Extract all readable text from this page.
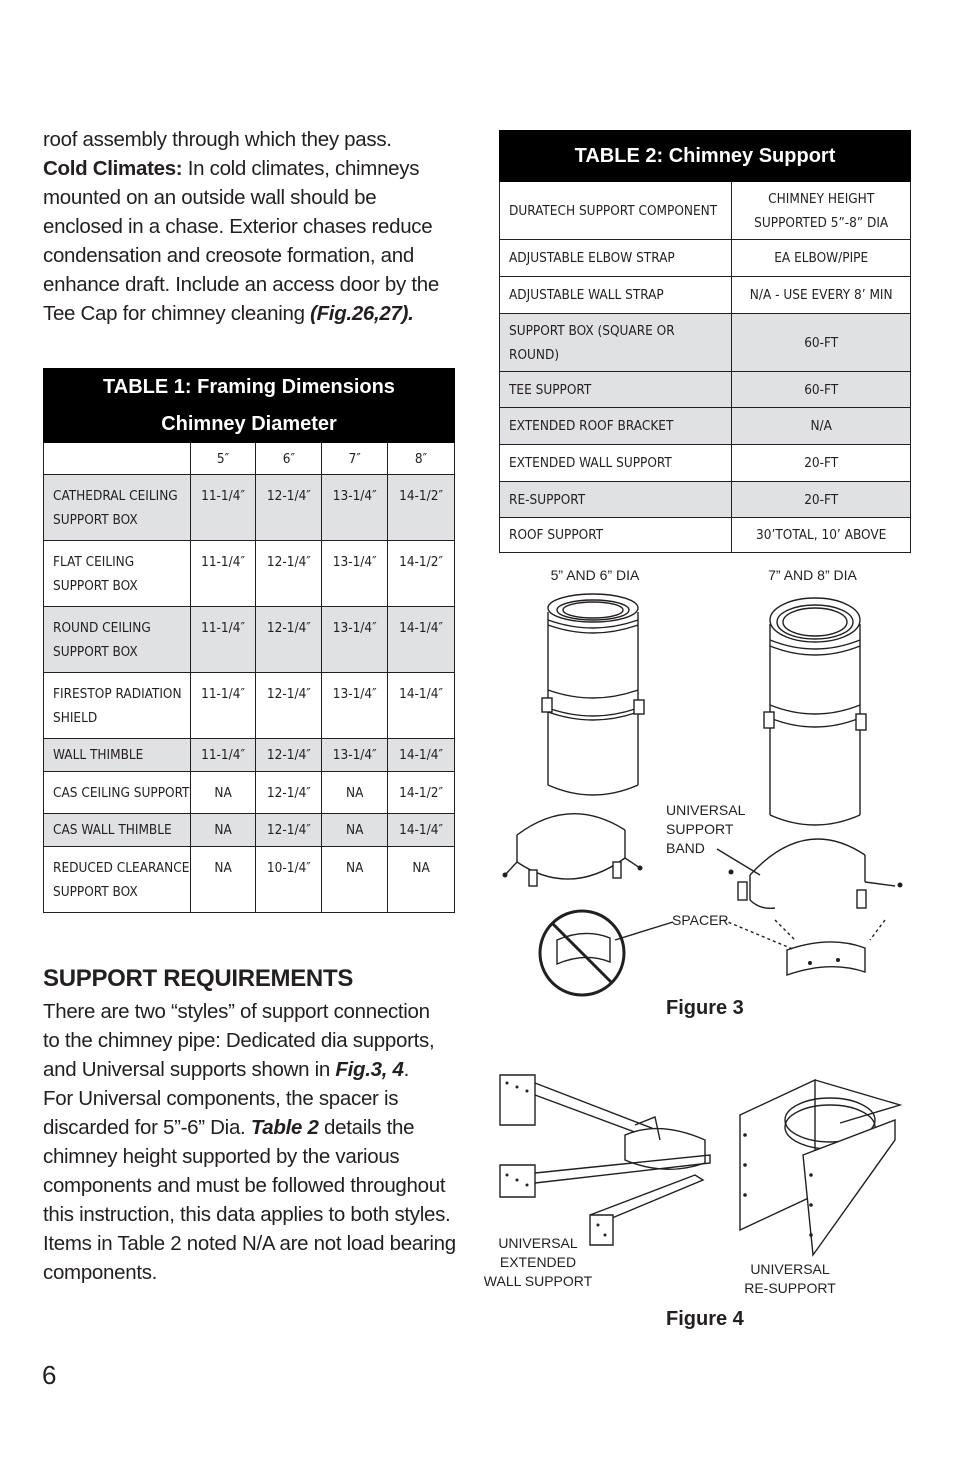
roof assembly through which they pass.
Cold Climates: In cold climates, chimneys
mounted on an outside wall should be
enclosed in a chase. Exterior chases reduce
condensation and creosote formation, and
enhance draft. Include an access door by the
Tee Cap for chimney cleaning (Fig.26,27).
TABLE 1: Framing Dimensions				
Chimney Diameter				
	5″	6″	7″	8″
CATHEDRAL CEILING SUPPORT BOX	11-1/4″	12-1/4″	13-1/4″	14-1/2″
FLAT CEILING SUPPORT BOX	11-1/4″	12-1/4″	13-1/4″	14-1/2″
ROUND CEILING SUPPORT BOX	11-1/4″	12-1/4″	13-1/4″	14-1/4″
FIRESTOP RADIATION SHIELD	11-1/4″	12-1/4″	13-1/4″	14-1/4″
WALL THIMBLE	11-1/4″	12-1/4″	13-1/4″	14-1/4″
CAS CEILING SUPPORT	NA	12-1/4″	NA	14-1/2″
CAS WALL THIMBLE	NA	12-1/4″	NA	14-1/4″
REDUCED CLEARANCE SUPPORT BOX	NA	10-1/4″	NA	NA
SUPPORT REQUIREMENTS
There are two “styles” of support connection
to the chimney pipe: Dedicated dia supports,
and Universal supports shown in Fig.3, 4.
For Universal components, the spacer is
discarded for 5”-6” Dia. Table 2 details the
chimney height supported by the various
components and must be followed throughout
this instruction, this data applies to both styles.
Items in Table 2 noted N/A are not load bearing
components.
6
TABLE 2: Chimney Support	
DURATECH SUPPORT COMPONENT	CHIMNEY HEIGHT SUPPORTED 5”-8” DIA
ADJUSTABLE ELBOW STRAP	EA ELBOW/PIPE
ADJUSTABLE WALL STRAP	N/A - USE EVERY 8’ MIN
SUPPORT BOX (SQUARE OR ROUND)	60-FT
TEE SUPPORT	60-FT
EXTENDED ROOF BRACKET	N/A
EXTENDED WALL SUPPORT	20-FT
RE-SUPPORT	20-FT
ROOF SUPPORT	30’TOTAL, 10’ ABOVE
5” AND 6” DIA	7” AND 8” DIA
UNIVERSAL
SUPPORT
BAND
SPACER
Figure 3
UNIVERSAL
EXTENDED
WALL SUPPORT
UNIVERSAL
RE-SUPPORT
Figure 4
